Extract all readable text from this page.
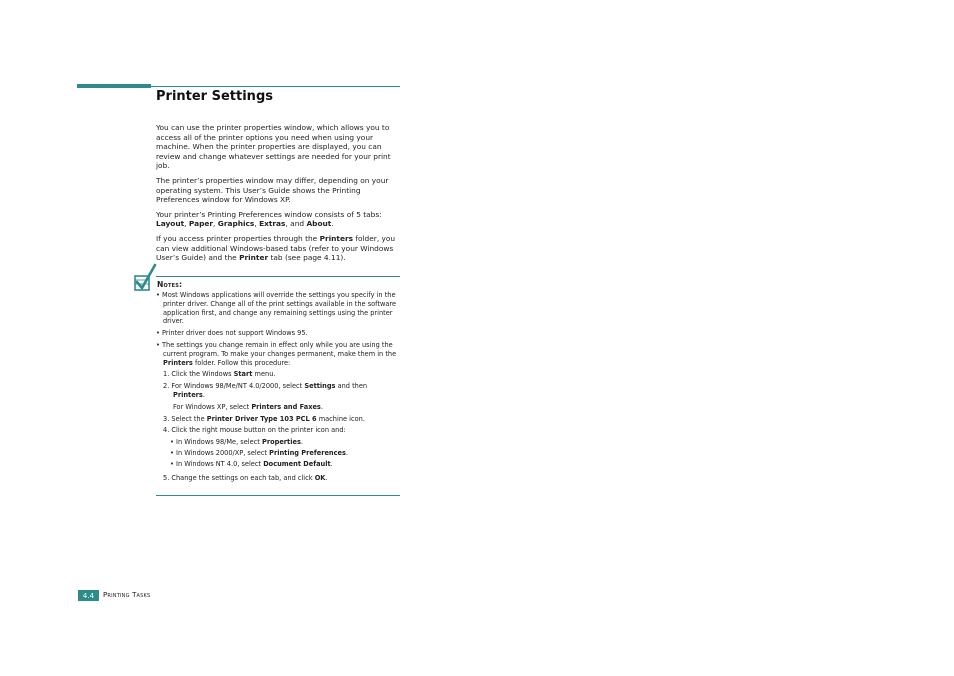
Printer Settings

You can use the printer properties window, which allows you to access all of the printer options you need when using your machine. When the printer properties are displayed, you can review and change whatever settings are needed for your print job.

The printer’s properties window may differ, depending on your operating system. This User’s Guide shows the Printing Preferences window for Windows XP.

Your printer’s Printing Preferences window consists of 5 tabs:
Layout, Paper, Graphics, Extras, and About.

If you access printer properties through the Printers folder, you can view additional Windows-based tabs (refer to your Windows User’s Guide) and the Printer tab (see page 4.11).

Notes:
• Most Windows applications will override the settings you specify in the printer driver. Change all of the print settings available in the software application first, and change any remaining settings using the printer driver.
• Printer driver does not support Windows 95.
• The settings you change remain in effect only while you are using the current program. To make your changes permanent, make them in the Printers folder. Follow this procedure:
1. Click the Windows Start menu.
2. For Windows 98/Me/NT 4.0/2000, select Settings and then
Printers.
For Windows XP, select Printers and Faxes.
3. Select the Printer Driver Type 103 PCL 6 machine icon.
4. Click the right mouse button on the printer icon and:
• In Windows 98/Me, select Properties.
• In Windows 2000/XP, select Printing Preferences.
• In Windows NT 4.0, select Document Default.
5. Change the settings on each tab, and click OK.
4.4	Printing Tasks
